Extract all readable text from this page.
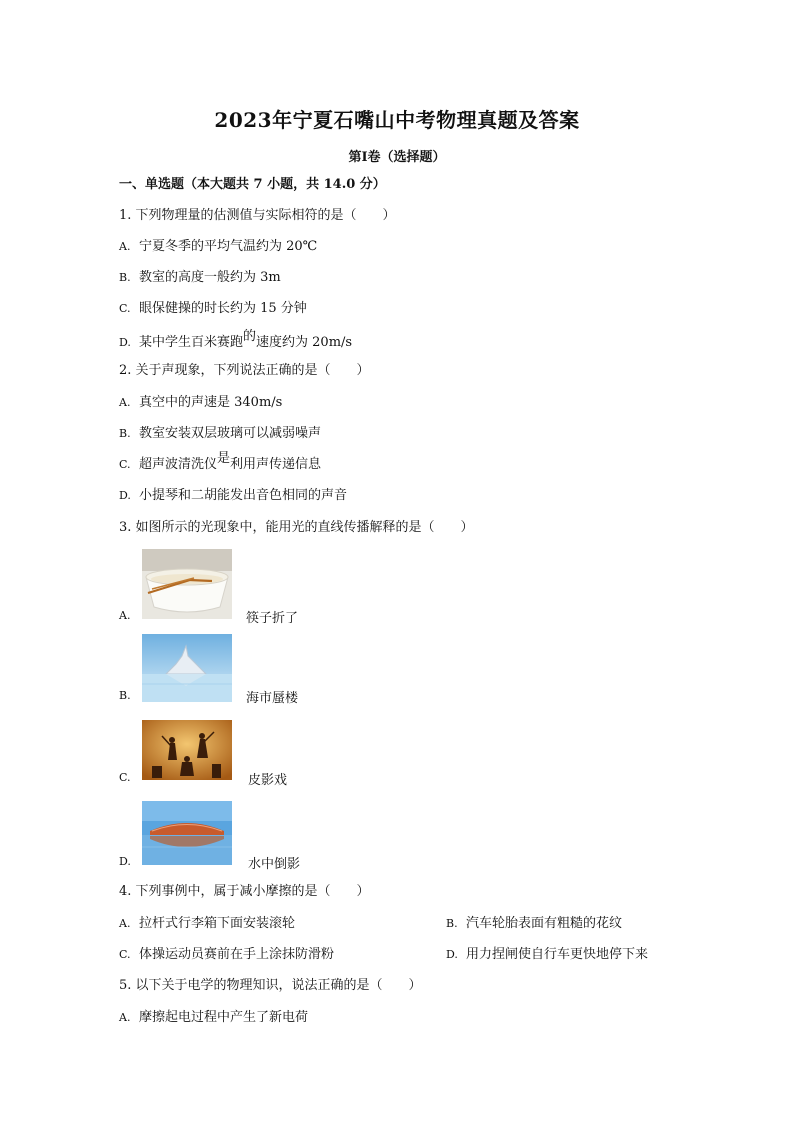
2023年宁夏石嘴山中考物理真题及答案
第Ⅰ卷（选择题）
一、单选题（本大题共 7 小题，共 14.0 分）
1. 下列物理量的估测值与实际相符的是（　　）
A. 宁夏冬季的平均气温约为 20℃
B. 教室的高度一般约为 3m
C. 眼保健操的时长约为 15 分钟
D. 某中学生百米赛跑的速度约为 20m/s
2. 关于声现象，下列说法正确的是（　　）
A. 真空中的声速是 340m/s
B. 教室安装双层玻璃可以减弱噪声
C. 超声波清洗仪是利用声传递信息
D. 小提琴和二胡能发出音色相同的声音
3. 如图所示的光现象中，能用光的直线传播解释的是（　　）
A.	筷子折了
B.	海市蜃楼
C.	皮影戏
D.	水中倒影
4. 下列事例中，属于减小摩擦的是（　　）
A. 拉杆式行李箱下面安装滚轮	B. 汽车轮胎表面有粗糙的花纹
C. 体操运动员赛前在手上涂抹防滑粉	D. 用力捏闸使自行车更快地停下来
5. 以下关于电学的物理知识，说法正确的是（　　）
A. 摩擦起电过程中产生了新电荷
